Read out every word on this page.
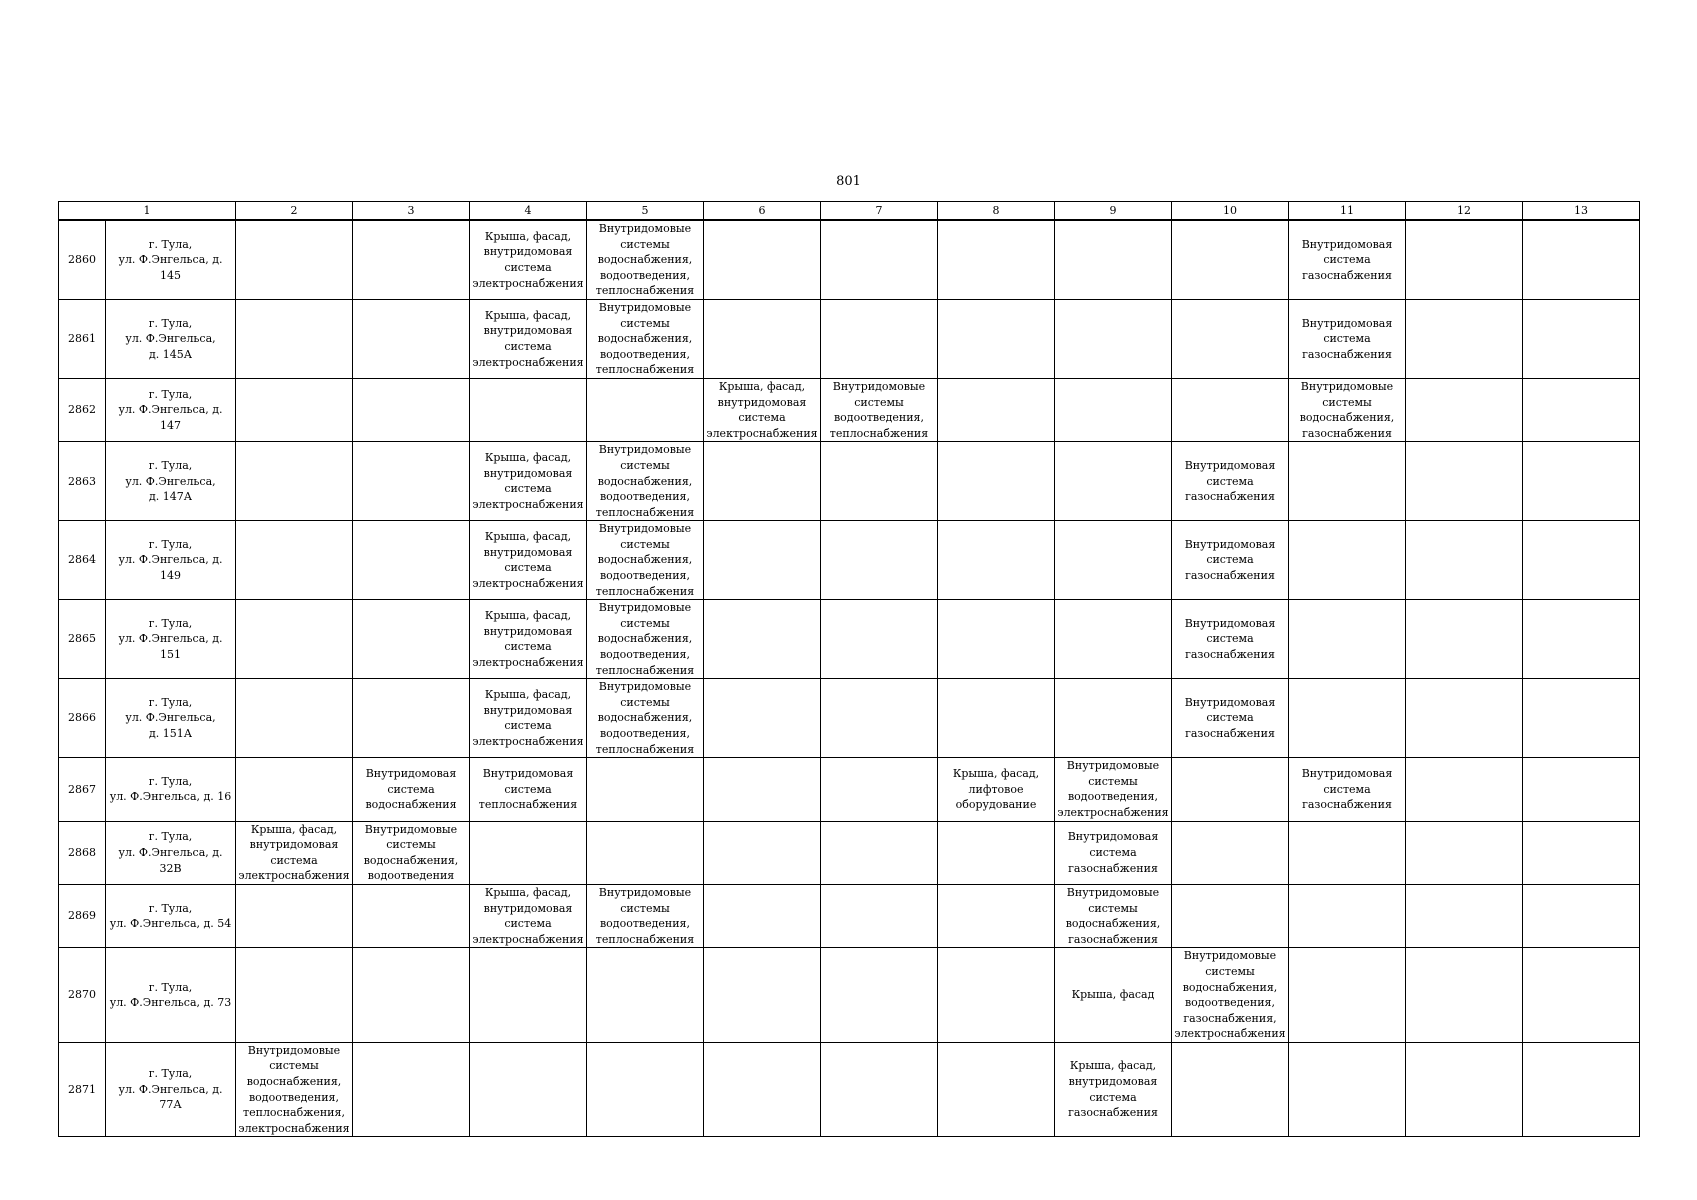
801
1		2	3	4	5	6	7	8	9	10	11	12	13
2860	г. Тула,
ул. Ф.Энгельса, д. 145			Крыша, фасад, внутридомовая система электроснабжения	Внутридомовые системы водоснабжения, водоотведения, теплоснабжения						Внутридомовая система газоснабжения		

2861	г. Тула,
ул. Ф.Энгельса,
д. 145А			Крыша, фасад, внутридомовая система электроснабжения	Внутридомовые системы водоснабжения, водоотведения, теплоснабжения						Внутридомовая система газоснабжения		

2862	г. Тула,
ул. Ф.Энгельса, д. 147					Крыша, фасад, внутридомовая система электроснабжения	Внутридомовые системы водоотведения, теплоснабжения				Внутридомовые системы водоснабжения, газоснабжения		

2863	г. Тула,
ул. Ф.Энгельса,
д. 147А			Крыша, фасад, внутридомовая система электроснабжения	Внутридомовые системы водоснабжения, водоотведения, теплоснабжения					Внутридомовая система газоснабжения			

2864	г. Тула,
ул. Ф.Энгельса, д. 149			Крыша, фасад, внутридомовая система электроснабжения	Внутридомовые системы водоснабжения, водоотведения, теплоснабжения					Внутридомовая система газоснабжения			

2865	г. Тула,
ул. Ф.Энгельса, д. 151			Крыша, фасад, внутридомовая система электроснабжения	Внутридомовые системы водоснабжения, водоотведения, теплоснабжения					Внутридомовая система газоснабжения			

2866	г. Тула,
ул. Ф.Энгельса,
д. 151А			Крыша, фасад, внутридомовая система электроснабжения	Внутридомовые системы водоснабжения, водоотведения, теплоснабжения					Внутридомовая система газоснабжения			

2867	г. Тула,
ул. Ф.Энгельса, д. 16		Внутридомовая система водоснабжения	Внутридомовая система теплоснабжения				Крыша, фасад, лифтовое оборудование	Внутридомовые системы водоотведения, электроснабжения		Внутридомовая система газоснабжения		

2868	г. Тула,
ул. Ф.Энгельса, д. 32В	Крыша, фасад, внутридомовая система электроснабжения	Внутридомовые системы водоснабжения, водоотведения						Внутридомовая система газоснабжения				

2869	г. Тула,
ул. Ф.Энгельса, д. 54			Крыша, фасад, внутридомовая система электроснабжения	Внутридомовые системы водоотведения, теплоснабжения				Внутридомовые системы водоснабжения, газоснабжения				

2870	г. Тула,
ул. Ф.Энгельса, д. 73								Крыша, фасад	Внутридомовые системы водоснабжения, водоотведения, газоснабжения, электроснабжения			

2871	г. Тула,
ул. Ф.Энгельса, д. 77А	Внутридомовые системы водоснабжения, водоотведения, теплоснабжения, электроснабжения							Крыша, фасад, внутридомовая система газоснабжения				
